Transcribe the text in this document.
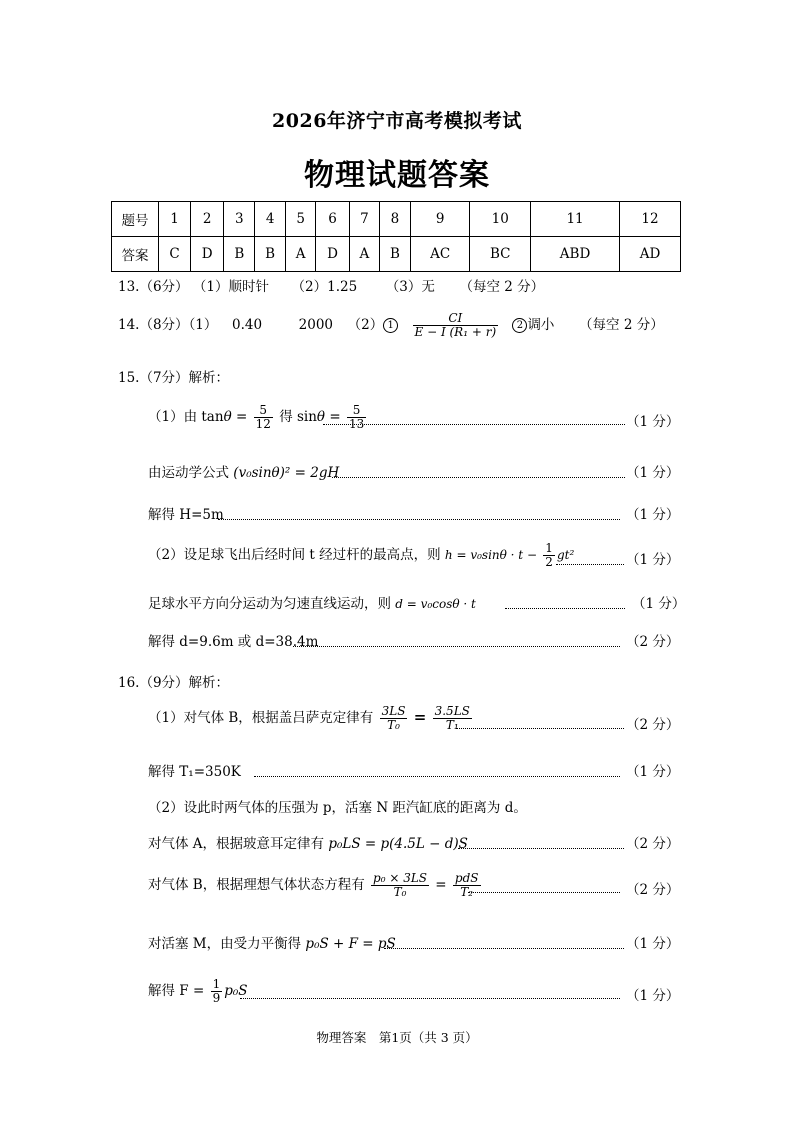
2026年济宁市高考模拟考试
物理试题答案
题号	1	2	3	4	5	6	7	8	9	10	11	12
答案	C	D	B	B	A	D	A	B	AC	BC	ABD	AD
13.（6分） （1）顺时针 （2）1.25 （3）无 （每空 2 分）
14.（8分）（1） 0.40	2000 （2） $1 \frac{CI}{\text{E − I (R₁ + r)}} 2$ 调小 （每空 2 分）
15.（7分）解析：
（1）由 $\tan\theta = \frac{5}{12}$ 得 $\sin\theta = \frac{5}{13}$	（1 分）
由运动学公式 (v₀sinθ)² = 2gH	（1 分）
解得 H=5m	（1 分）
（2）设足球飞出后经时间 t 经过杆的最高点，则 $h = v_0\sin\theta \cdot t - \frac{1}{2} gt^2$	（1 分）
足球水平方向分运动为匀速直线运动，则 d = v₀cosθ · t	（1 分）
解得 d=9.6m 或 d=38.4m	（2 分）
16.（9分）解析：
（1）对气体 B，根据盖吕萨克定律有 $\frac{3LS}{\text{T₀}} = \frac{3.5LS}{\text{T₁}}$	（2 分）
解得 T₁=350K	（1 分）
（2）设此时两气体的压强为 p，活塞 N 距汽缸底的距离为 d。
对气体 A，根据玻意耳定律有 p₀LS = p(4.5L − d)S	（2 分）
对气体 B，根据理想气体状态方程有 $\frac{\text{p₀ × 3LS}}{\text{T₀}} = \frac{\text{pdS}}{\text{T₂}}$	（2 分）
对活塞 M，由受力平衡得 p₀S + F = pS	（1 分）
解得 $F = \frac{1}{9} p_0S$	（1 分）
物理答案　第1页（共 3 页）
